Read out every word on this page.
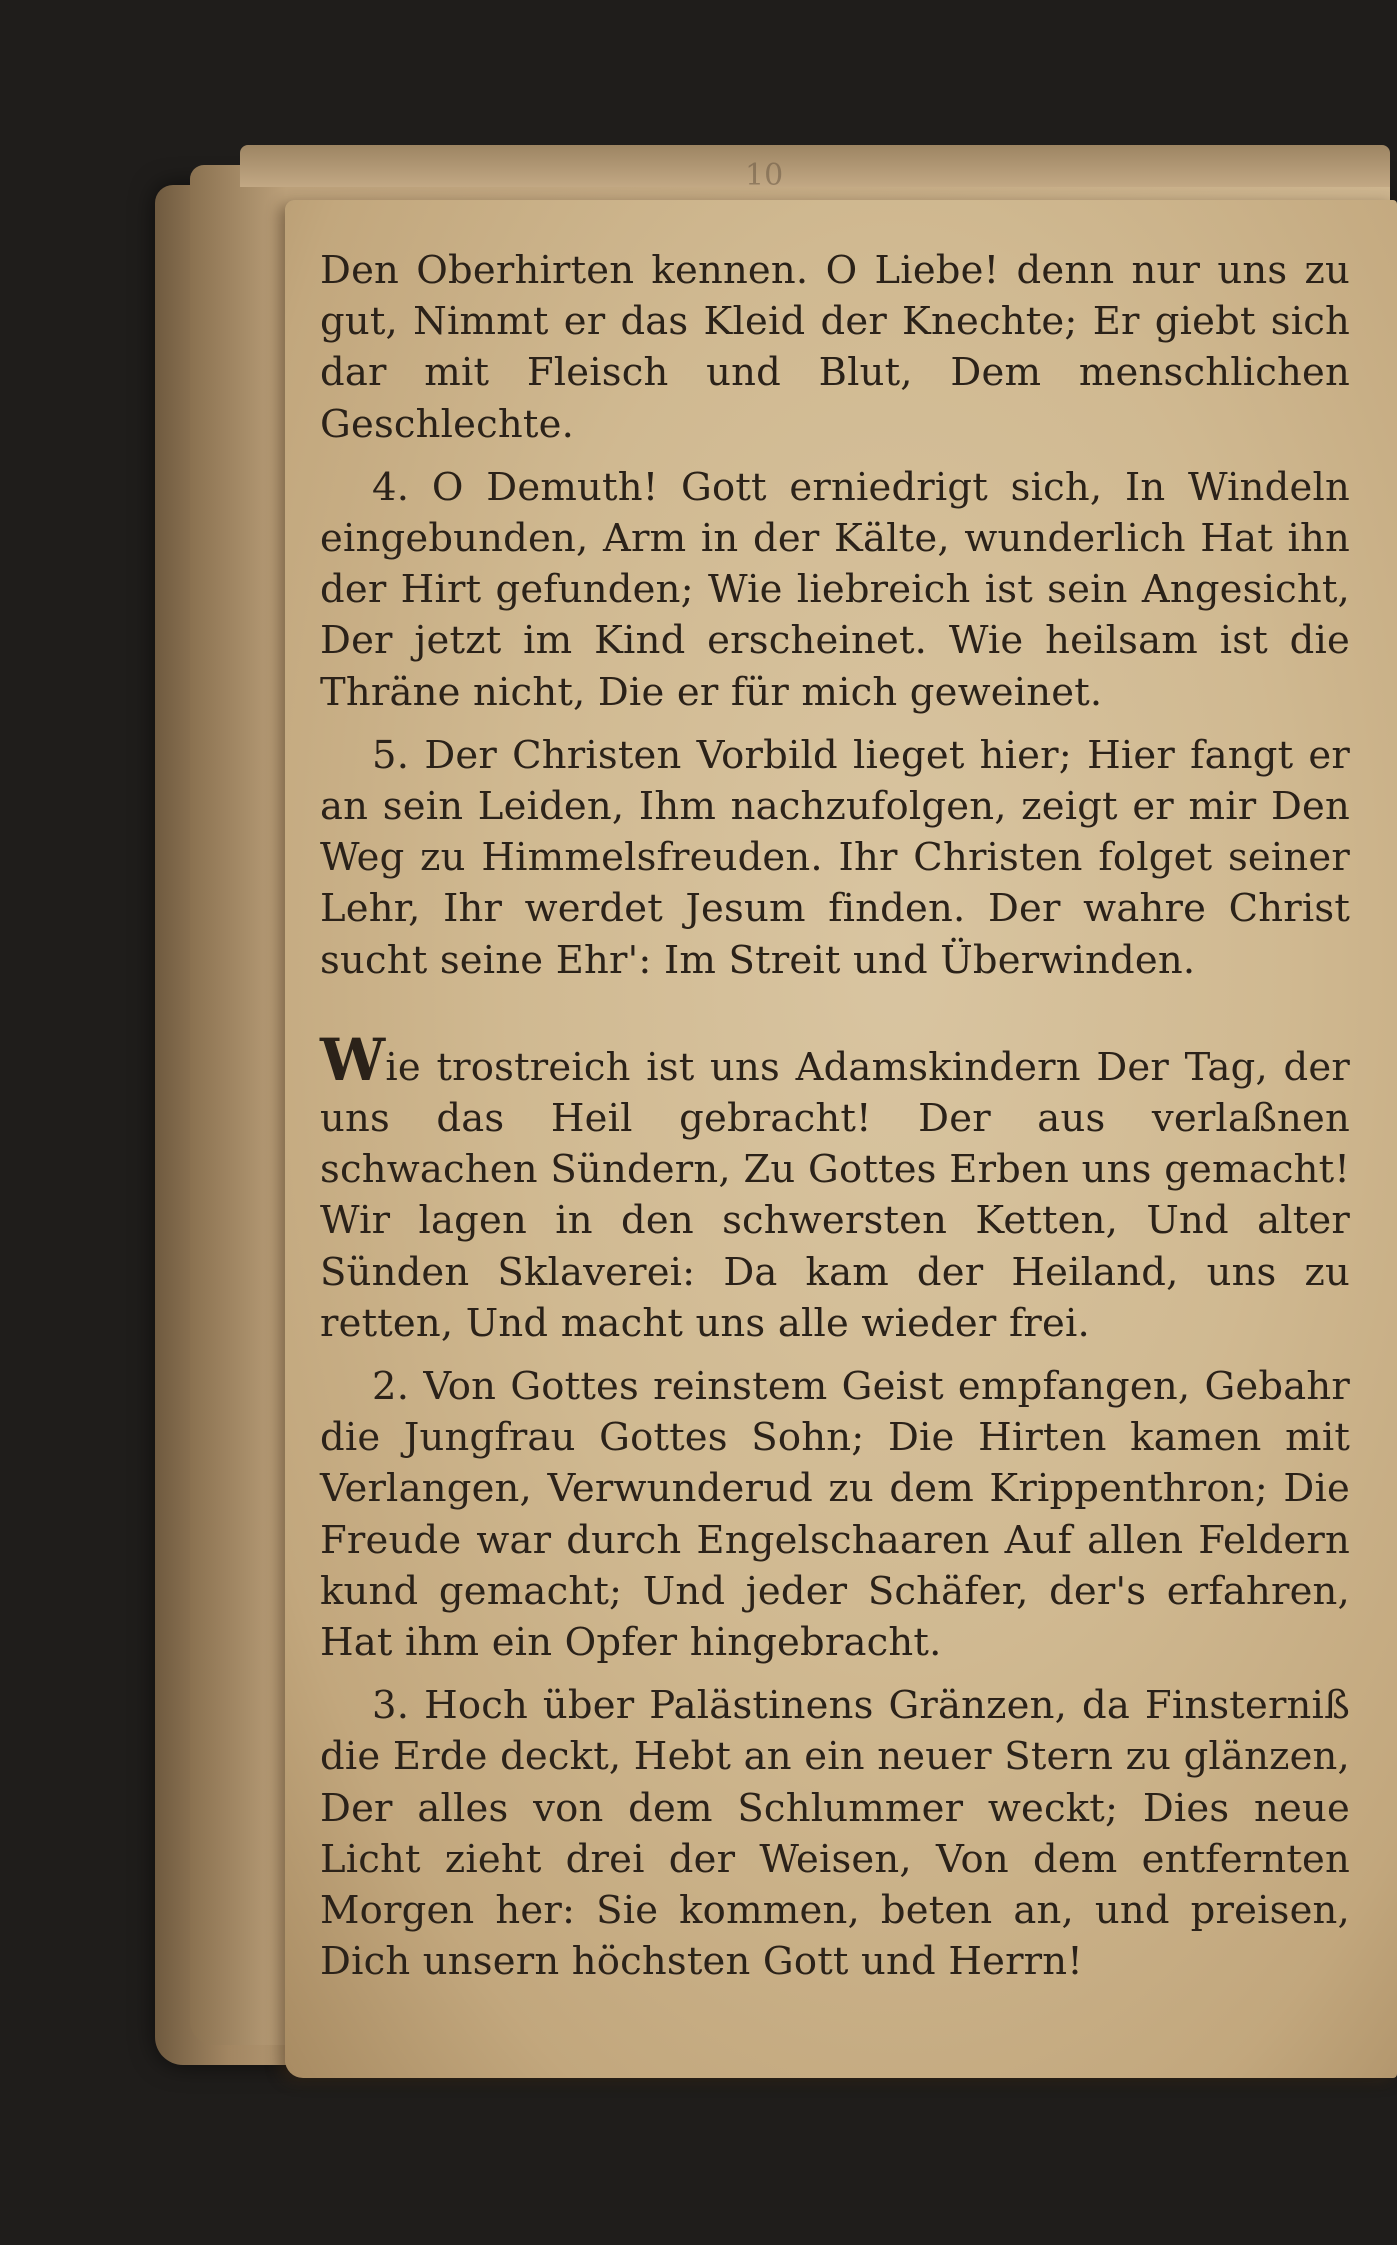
10

Den Oberhirten kennen. O Liebe! denn nur uns zu gut, Nimmt er das Kleid der Knechte; Er giebt sich dar mit Fleisch und Blut, Dem menschlichen Geschlechte.

4. O Demuth! Gott erniedrigt sich, In Windeln eingebunden, Arm in der Kälte, wunderlich Hat ihn der Hirt gefunden; Wie liebreich ist sein Angesicht, Der jetzt im Kind erscheinet. Wie heilsam ist die Thräne nicht, Die er für mich geweinet.

5. Der Christen Vorbild lieget hier; Hier fangt er an sein Leiden, Ihm nachzufolgen, zeigt er mir Den Weg zu Himmelsfreuden. Ihr Christen folget seiner Lehr, Ihr werdet Jesum finden. Der wahre Christ sucht seine Ehr': Im Streit und Überwinden.

Wie trostreich ist uns Adamskindern Der Tag, der uns das Heil gebracht! Der aus verlaßnen schwachen Sündern, Zu Gottes Erben uns gemacht! Wir lagen in den schwersten Ketten, Und alter Sünden Sklaverei: Da kam der Heiland, uns zu retten, Und macht uns alle wieder frei.

2. Von Gottes reinstem Geist empfangen, Gebahr die Jungfrau Gottes Sohn; Die Hirten kamen mit Verlangen, Verwunderud zu dem Krippenthron; Die Freude war durch Engelschaaren Auf allen Feldern kund gemacht; Und jeder Schäfer, der's erfahren, Hat ihm ein Opfer hingebracht.

3. Hoch über Palästinens Gränzen, da Finsterniß die Erde deckt, Hebt an ein neuer Stern zu glänzen, Der alles von dem Schlummer weckt; Dies neue Licht zieht drei der Weisen, Von dem entfernten Morgen her: Sie kommen, beten an, und preisen, Dich unsern höchsten Gott und Herrn!
